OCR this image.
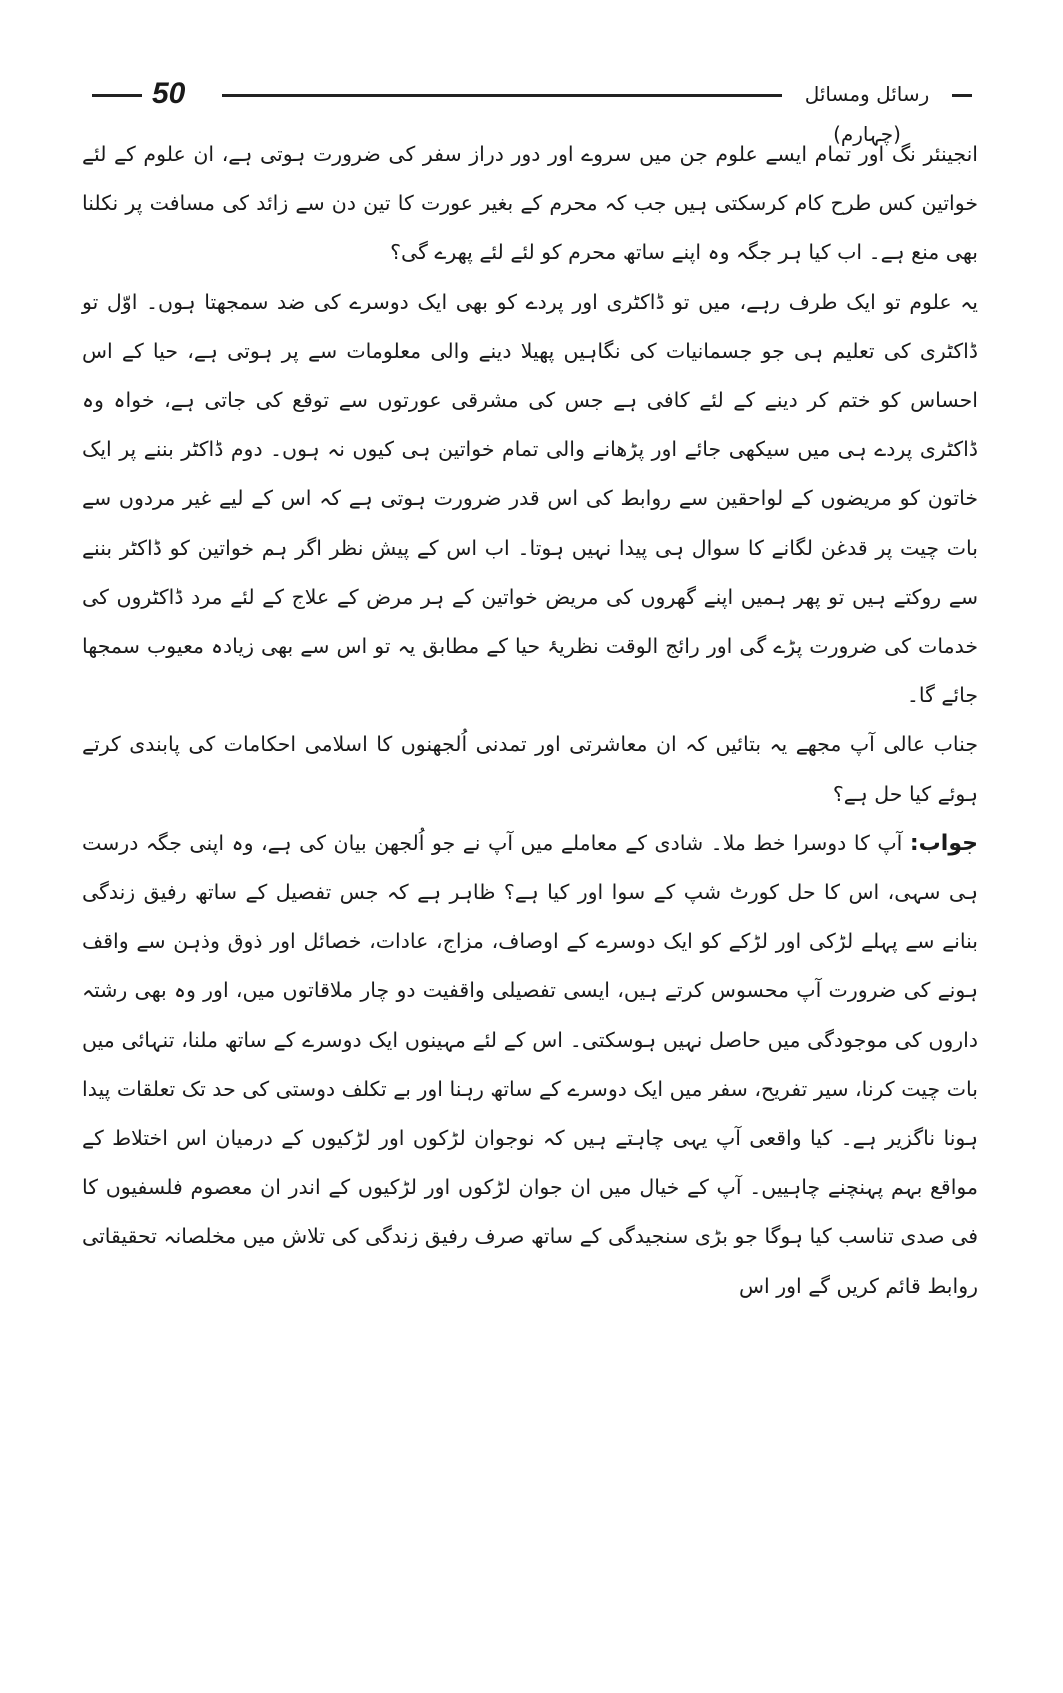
50	رسائل ومسائل (چہارم)

انجینئر نگ اور تمام ایسے علوم جن میں سروے اور دور دراز سفر کی ضرورت ہوتی ہے، ان علوم کے لئے خواتین کس طرح کام کرسکتی ہیں جب کہ محرم کے بغیر عورت کا تین دن سے زائد کی مسافت پر نکلنا بھی منع ہے۔ اب کیا ہر جگہ وہ اپنے ساتھ محرم کو لئے لئے پھرے گی؟

یہ علوم تو ایک طرف رہے، میں تو ڈاکٹری اور پردے کو بھی ایک دوسرے کی ضد سمجھتا ہوں۔ اوّل تو ڈاکٹری کی تعلیم ہی جو جسمانیات کی نگاہیں پھیلا دینے والی معلومات سے پر ہوتی ہے، حیا کے اس احساس کو ختم کر دینے کے لئے کافی ہے جس کی مشرقی عورتوں سے توقع کی جاتی ہے، خواہ وہ ڈاکٹری پردے ہی میں سیکھی جائے اور پڑھانے والی تمام خواتین ہی کیوں نہ ہوں۔ دوم ڈاکٹر بننے پر ایک خاتون کو مریضوں کے لواحقین سے روابط کی اس قدر ضرورت ہوتی ہے کہ اس کے لیے غیر مردوں سے بات چیت پر قدغن لگانے کا سوال ہی پیدا نہیں ہوتا۔ اب اس کے پیش نظر اگر ہم خواتین کو ڈاکٹر بننے سے روکتے ہیں تو پھر ہمیں اپنے گھروں کی مریض خواتین کے ہر مرض کے علاج کے لئے مرد ڈاکٹروں کی خدمات کی ضرورت پڑے گی اور رائج الوقت نظریۂ حیا کے مطابق یہ تو اس سے بھی زیادہ معیوب سمجھا جائے گا۔

جناب عالی آپ مجھے یہ بتائیں کہ ان معاشرتی اور تمدنی اُلجھنوں کا اسلامی احکامات کی پابندی کرتے ہوئے کیا حل ہے؟

جواب: آپ کا دوسرا خط ملا۔ شادی کے معاملے میں آپ نے جو اُلجھن بیان کی ہے، وہ اپنی جگہ درست ہی سہی، اس کا حل کورٹ شپ کے سوا اور کیا ہے؟ ظاہر ہے کہ جس تفصیل کے ساتھ رفیق زندگی بنانے سے پہلے لڑکی اور لڑکے کو ایک دوسرے کے اوصاف، مزاج، عادات، خصائل اور ذوق وذہن سے واقف ہونے کی ضرورت آپ محسوس کرتے ہیں، ایسی تفصیلی واقفیت دو چار ملاقاتوں میں، اور وہ بھی رشتہ داروں کی موجودگی میں حاصل نہیں ہوسکتی۔ اس کے لئے مہینوں ایک دوسرے کے ساتھ ملنا، تنہائی میں بات چیت کرنا، سیر تفریح، سفر میں ایک دوسرے کے ساتھ رہنا اور بے تکلف دوستی کی حد تک تعلقات پیدا ہونا ناگزیر ہے۔ کیا واقعی آپ یہی چاہتے ہیں کہ نوجوان لڑکوں اور لڑکیوں کے درمیان اس اختلاط کے مواقع بہم پہنچنے چاہییں۔ آپ کے خیال میں ان جوان لڑکوں اور لڑکیوں کے اندر ان معصوم فلسفیوں کا فی صدی تناسب کیا ہوگا جو بڑی سنجیدگی کے ساتھ صرف رفیق زندگی کی تلاش میں مخلصانہ تحقیقاتی روابط قائم کریں گے اور اس
